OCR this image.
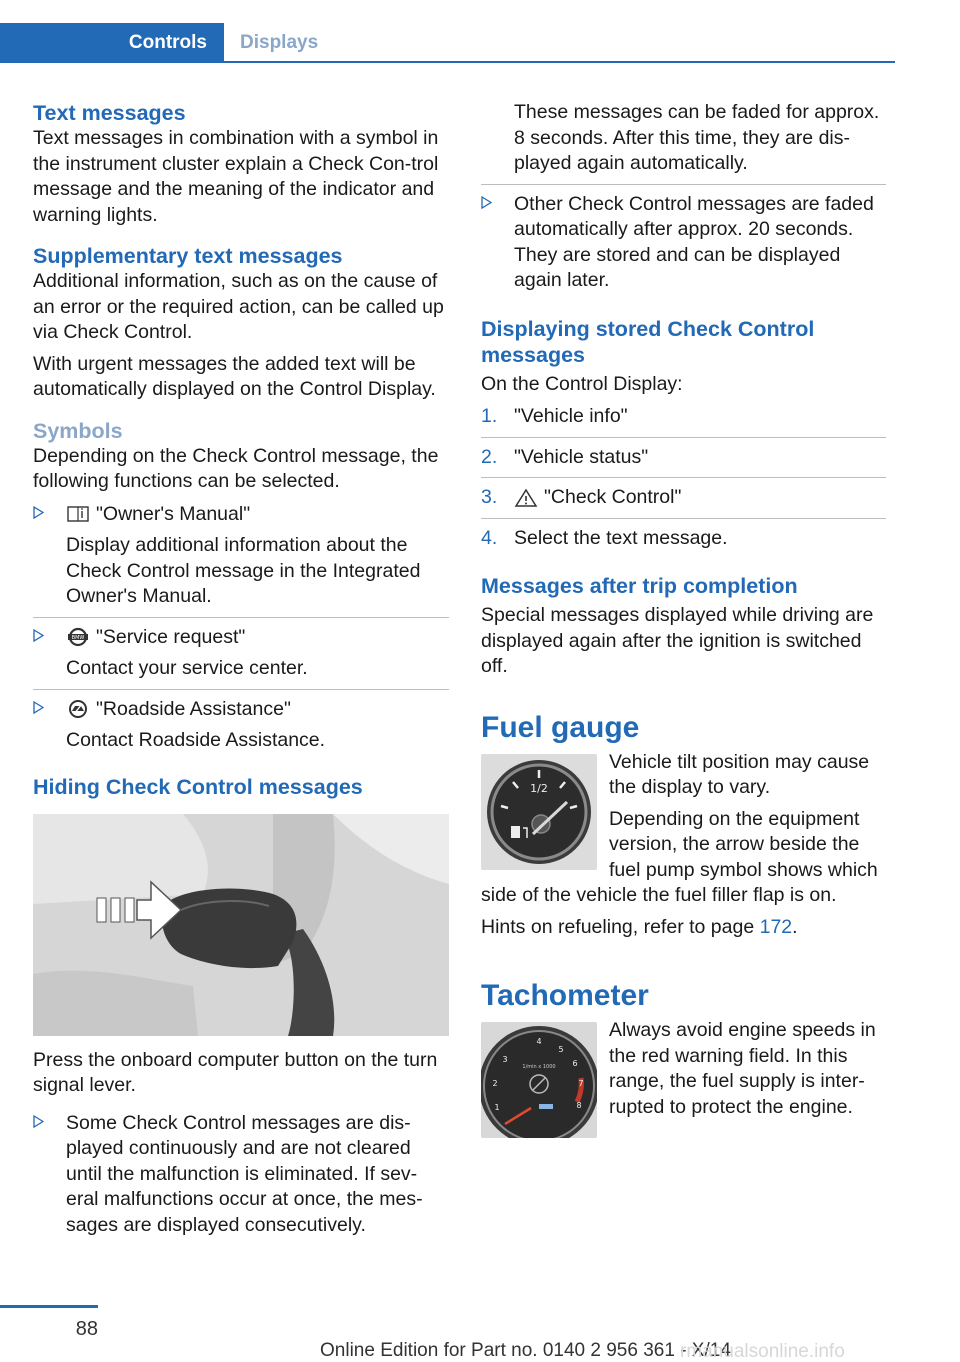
Controls	Displays
Text messages

Text messages in combination with a symbol in the instrument cluster explain a Check Con-trol message and the meaning of the indicator and warning lights.

Supplementary text messages

Additional information, such as on the cause of an error or the required action, can be called up via Check Control.

With urgent messages the added text will be automatically displayed on the Control Display.

Symbols

Depending on the Check Control message, the following functions can be selected.

"Owner's Manual"

Display additional information about the Check Control message in the Integrated Owner's Manual.

BMW "Service request"

Contact your service center.

"Roadside Assistance"

Contact Roadside Assistance.

Hiding Check Control messages

Press the onboard computer button on the turn signal lever.

Some Check Control messages are dis-played continuously and are not cleared until the malfunction is eliminated. If sev-eral malfunctions occur at once, the mes-sages are displayed consecutively.
These messages can be faded for approx. 8 seconds. After this time, they are dis-played again automatically.
Other Check Control messages are faded automatically after approx. 20 seconds. They are stored and can be displayed again later.
Displaying stored Check Control messages

On the Control Display:

1. "Vehicle info"
2. "Vehicle status"
3. "Check Control"
4. Select the text message.
Messages after trip completion

Special messages displayed while driving are displayed again after the ignition is switched off.

Fuel gauge
1/2

Vehicle tilt position may cause the display to vary.

Depending on the equipment version, the arrow beside the fuel pump symbol shows which side of the vehicle the fuel filler flap is on.

Hints on refueling, refer to page 172.

Tachometer
1
2
3
4
5
6
7
8
1/min x 1000

Always avoid engine speeds in the red warning field. In this range, the fuel supply is inter-rupted to protect the engine.

88
Online Edition for Part no. 0140 2 956 361 - X/14
rmanualsonline.info
